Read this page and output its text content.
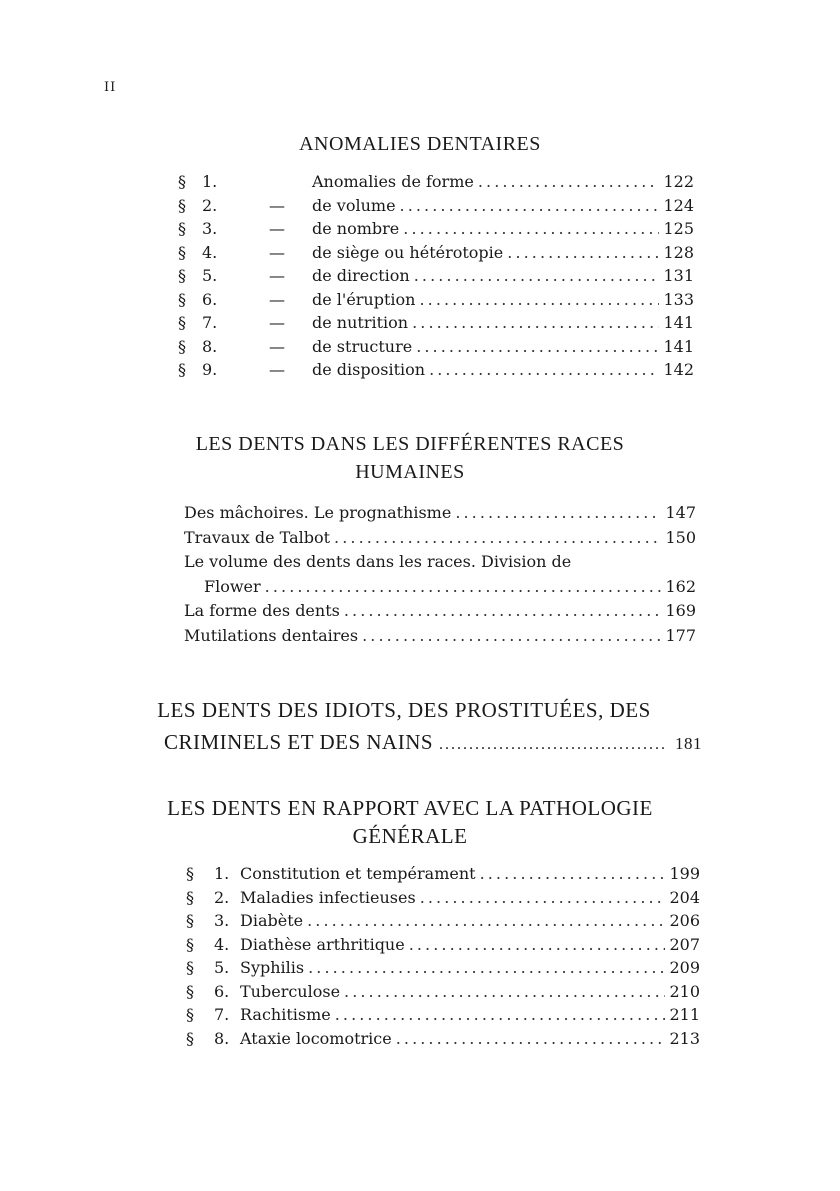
II
ANOMALIES DENTAIRES
§	1.	Anomalies de forme . . .	122
§	2.	—	de volume . . .	124
§	3.	—	de nombre . . .	125
§	4.	—	de siège ou hétérotopie . . .	128
§	5.	—	de direction . . .	131
§	6.	—	de l'éruption . . .	133
§	7.	—	de nutrition . . .	141
§	8.	—	de structure . . .	141
§	9.	—	de disposition . . .	142
LES DENTS DANS LES DIFFÉRENTES RACES
HUMAINES
Des mâchoires. Le prognathisme . . .	147
Travaux de Talbot . . .	150
Le volume des dents dans les races. Division de
Flower . . .	162
La forme des dents . . .	169
Mutilations dentaires . . .	177
LES DENTS DES IDIOTS, DES PROSTITUÉES, DES
CRIMINELS ET DES NAINS . . .	181
LES DENTS EN RAPPORT AVEC LA PATHOLOGIE
GÉNÉRALE
§	1. Constitution et tempérament . . .	199
§	2. Maladies infectieuses . . .	204
§	3. Diabète . . .	206
§	4. Diathèse arthritique . . .	207
§	5. Syphilis . . .	209
§	6. Tuberculose . . .	210
§	7. Rachitisme . . .	211
§	8. Ataxie locomotrice . . .	213
